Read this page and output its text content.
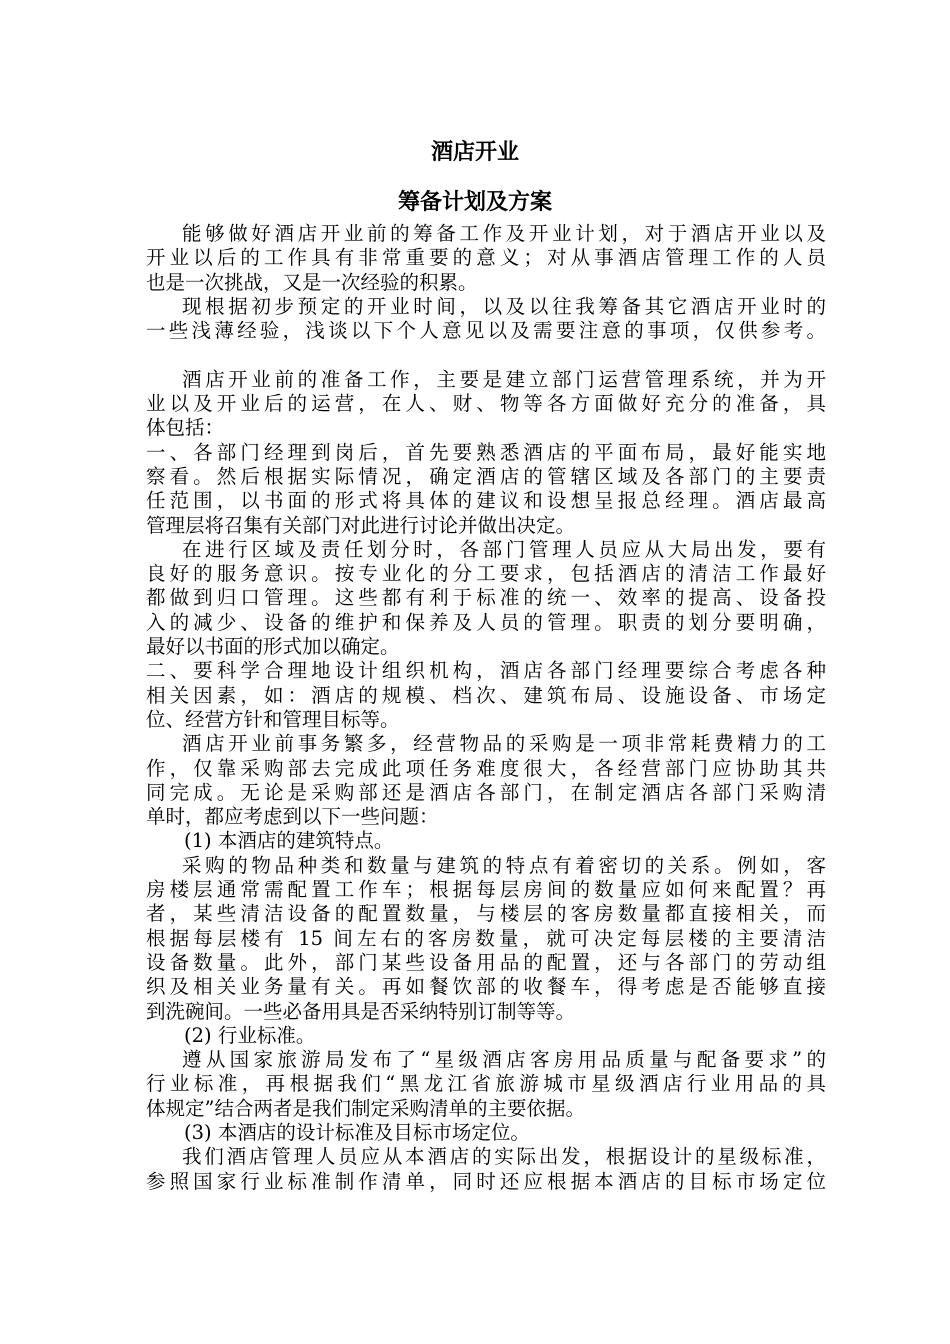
酒店开业
筹备计划及方案
能够做好酒店开业前的筹备工作及开业计划，对于酒店开业以及
开业以后的工作具有非常重要的意义；对从事酒店管理工作的人员
也是一次挑战，又是一次经验的积累。
现根据初步预定的开业时间，以及以往我筹备其它酒店开业时的
一些浅薄经验，浅谈以下个人意见以及需要注意的事项，仅供参考。
酒店开业前的准备工作，主要是建立部门运营管理系统，并为开
业以及开业后的运营，在人、财、物等各方面做好充分的准备，具
体包括：
一、各部门经理到岗后，首先要熟悉酒店的平面布局，最好能实地
察看。然后根据实际情况，确定酒店的管辖区域及各部门的主要责
任范围，以书面的形式将具体的建议和设想呈报总经理。酒店最高
管理层将召集有关部门对此进行讨论并做出决定。
在进行区域及责任划分时，各部门管理人员应从大局出发，要有
良好的服务意识。按专业化的分工要求，包括酒店的清洁工作最好
都做到归口管理。这些都有利于标准的统一、效率的提高、设备投
入的减少、设备的维护和保养及人员的管理。职责的划分要明确，
最好以书面的形式加以确定。
二、要科学合理地设计组织机构，酒店各部门经理要综合考虑各种
相关因素，如：酒店的规模、档次、建筑布局、设施设备、市场定
位、经营方针和管理目标等。
酒店开业前事务繁多，经营物品的采购是一项非常耗费精力的工
作，仅靠采购部去完成此项任务难度很大，各经营部门应协助其共
同完成。无论是采购部还是酒店各部门，在制定酒店各部门采购清
单时，都应考虑到以下一些问题：
(1) 本酒店的建筑特点。
采购的物品种类和数量与建筑的特点有着密切的关系。例如，客
房楼层通常需配置工作车；根据每层房间的数量应如何来配置？再
者，某些清洁设备的配置数量，与楼层的客房数量都直接相关，而
根据每层楼有 15 间左右的客房数量，就可决定每层楼的主要清洁
设备数量。此外，部门某些设备用品的配置，还与各部门的劳动组
织及相关业务量有关。再如餐饮部的收餐车，得考虑是否能够直接
到洗碗间。一些必备用具是否采纳特别订制等等。
(2) 行业标准。
遵从国家旅游局发布了“星级酒店客房用品质量与配备要求”的
行业标准，再根据我们“黑龙江省旅游城市星级酒店行业用品的具
体规定”结合两者是我们制定采购清单的主要依据。
(3) 本酒店的设计标准及目标市场定位。
我们酒店管理人员应从本酒店的实际出发，根据设计的星级标准，
参照国家行业标准制作清单，同时还应根据本酒店的目标市场定位
